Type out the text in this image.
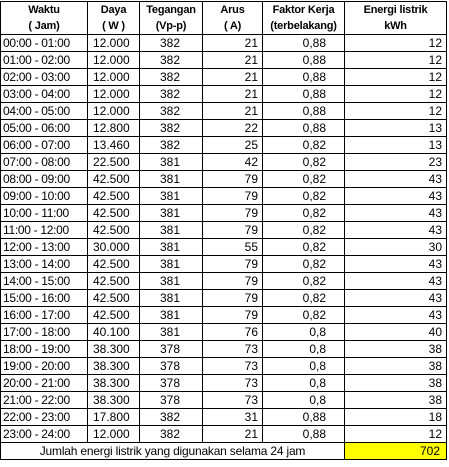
Waktu	Daya	Tegangan	Arus	Faktor Kerja	Energi listrik
( Jam)	( W )	(Vp-p)	( A)	(terbelakang)	kWh
00:00 - 01:00	12.000	382	21	0,88	12
01:00 - 02:00	12.000	382	21	0,88	12
02:00 - 03:00	12.000	382	21	0,88	12
03:00 - 04:00	12.000	382	21	0,88	12
04:00 - 05:00	12.000	382	21	0,88	12
05:00 - 06:00	12.800	382	22	0,88	13
06:00 - 07:00	13.460	382	25	0,82	13
07:00 - 08:00	22.500	381	42	0,82	23
08:00 - 09:00	42.500	381	79	0,82	43
09:00 - 10:00	42.500	381	79	0,82	43
10:00 - 11:00	42.500	381	79	0,82	43
11:00 - 12:00	42.500	381	79	0,82	43
12:00 - 13:00	30.000	381	55	0,82	30
13:00 - 14:00	42.500	381	79	0,82	43
14:00 - 15:00	42.500	381	79	0,82	43
15:00 - 16:00	42.500	381	79	0,82	43
16:00 - 17:00	42.500	381	79	0,82	43
17:00 - 18:00	40.100	381	76	0,8	40
18:00 - 19:00	38.300	378	73	0,8	38
19:00 - 20:00	38.300	378	73	0,8	38
20:00 - 21:00	38.300	378	73	0,8	38
21:00 - 22:00	38.300	378	73	0,8	38
22:00 - 23:00	17.800	382	31	0,88	18
23:00 - 24:00	12.000	382	21	0,88	12
Jumlah energi listrik yang digunakan selama 24 jam					702
